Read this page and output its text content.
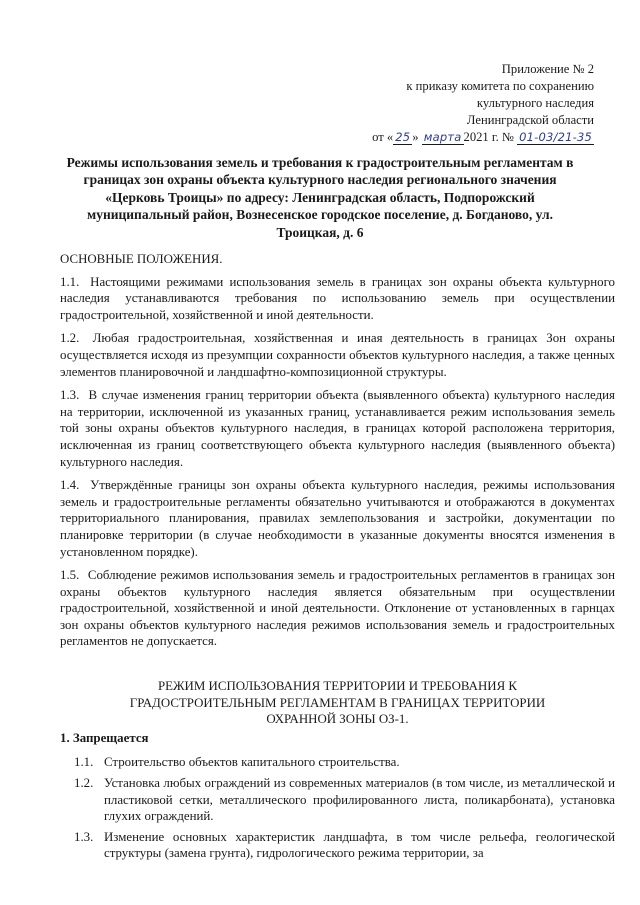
Приложение № 2
к приказу комитета по сохранению
культурного наследия
Ленинградской области
от « 25 » марта 2021 г. № 01-03/21-35
Режимы использования земель и требования к градостроительным регламентам в границах зон охраны объекта культурного наследия регионального значения «Церковь Троицы» по адресу: Ленинградская область, Подпорожский муниципальный район, Вознесенское городское поселение, д. Богданово, ул. Троицкая, д. 6
ОСНОВНЫЕ ПОЛОЖЕНИЯ.
1.1. Настоящими режимами использования земель в границах зон охраны объекта культурного наследия устанавливаются требования по использованию земель при осуществлении градостроительной, хозяйственной и иной деятельности.
1.2. Любая градостроительная, хозяйственная и иная деятельность в границах Зон охраны осуществляется исходя из презумпции сохранности объектов культурного наследия, а также ценных элементов планировочной и ландшафтно-композиционной структуры.
1.3. В случае изменения границ территории объекта (выявленного объекта) культурного наследия на территории, исключенной из указанных границ, устанавливается режим использования земель той зоны охраны объектов культурного наследия, в границах которой расположена территория, исключенная из границ соответствующего объекта культурного наследия (выявленного объекта) культурного наследия.
1.4. Утверждённые границы зон охраны объекта культурного наследия, режимы использования земель и градостроительные регламенты обязательно учитываются и отображаются в документах территориального планирования, правилах землепользования и застройки, документации по планировке территории (в случае необходимости в указанные документы вносятся изменения в установленном порядке).
1.5. Соблюдение режимов использования земель и градостроительных регламентов в границах зон охраны объектов культурного наследия является обязательным при осуществлении градостроительной, хозяйственной и иной деятельности. Отклонение от установленных в гарнцах зон охраны объектов культурного наследия режимов использования земель и градостроительных регламентов не допускается.
РЕЖИМ ИСПОЛЬЗОВАНИЯ ТЕРРИТОРИИ И ТРЕБОВАНИЯ К
ГРАДОСТРОИТЕЛЬНЫМ РЕГЛАМЕНТАМ В ГРАНИЦАХ ТЕРРИТОРИИ
ОХРАННОЙ ЗОНЫ ОЗ-1.
1. Запрещается
1.1. Строительство объектов капитального строительства.
1.2. Установка любых ограждений из современных материалов (в том числе, из металлической и пластиковой сетки, металлического профилированного листа, поликарбоната), установка глухих ограждений.
1.3. Изменение основных характеристик ландшафта, в том числе рельефа, геологической структуры (замена грунта), гидрологического режима территории, за
